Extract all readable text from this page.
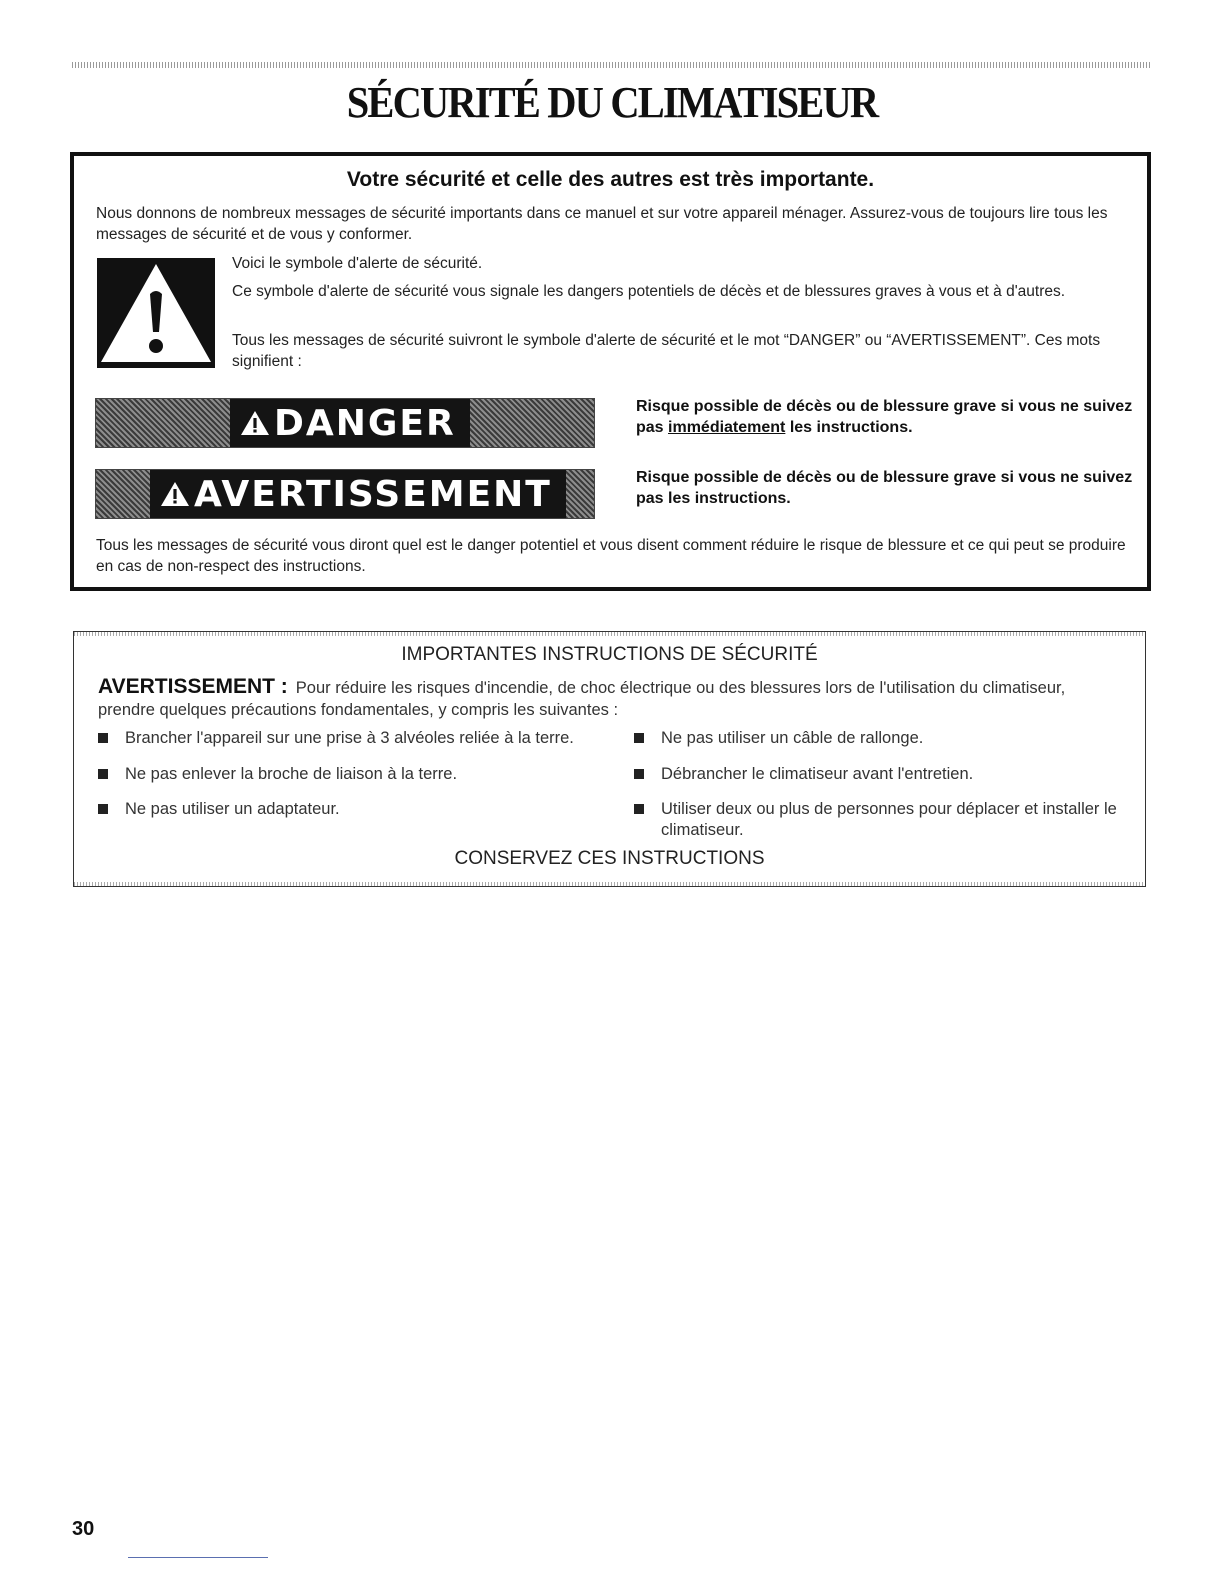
SÉCURITÉ DU CLIMATISEUR
Votre sécurité et celle des autres est très importante.
Nous donnons de nombreux messages de sécurité importants dans ce manuel et sur votre appareil ménager. Assurez-vous de toujours lire tous les messages de sécurité et de vous y conformer.
Voici le symbole d'alerte de sécurité.
Ce symbole d'alerte de sécurité vous signale les dangers potentiels de décès et de blessures graves à vous et à d'autres.
Tous les messages de sécurité suivront le symbole d'alerte de sécurité et le mot “DANGER” ou “AVERTISSEMENT”. Ces mots signifient :
DANGER	Risque possible de décès ou de blessure grave si vous ne suivez pas immédiatement les instructions.
AVERTISSEMENT	Risque possible de décès ou de blessure grave si vous ne suivez pas les instructions.
Tous les messages de sécurité vous diront quel est le danger potentiel et vous disent comment réduire le risque de blessure et ce qui peut se produire en cas de non-respect des instructions.
IMPORTANTES INSTRUCTIONS DE SÉCURITÉ
AVERTISSEMENT : Pour réduire les risques d'incendie, de choc électrique ou des blessures lors de l'utilisation du climatiseur, prendre quelques précautions fondamentales, y compris les suivantes :
Brancher l'appareil sur une prise à 3 alvéoles reliée à la terre.
Ne pas enlever la broche de liaison à la terre.
Ne pas utiliser un adaptateur.
Ne pas utiliser un câble de rallonge.
Débrancher le climatiseur avant l'entretien.
Utiliser deux ou plus de personnes pour déplacer et installer le climatiseur.
CONSERVEZ CES INSTRUCTIONS
30
